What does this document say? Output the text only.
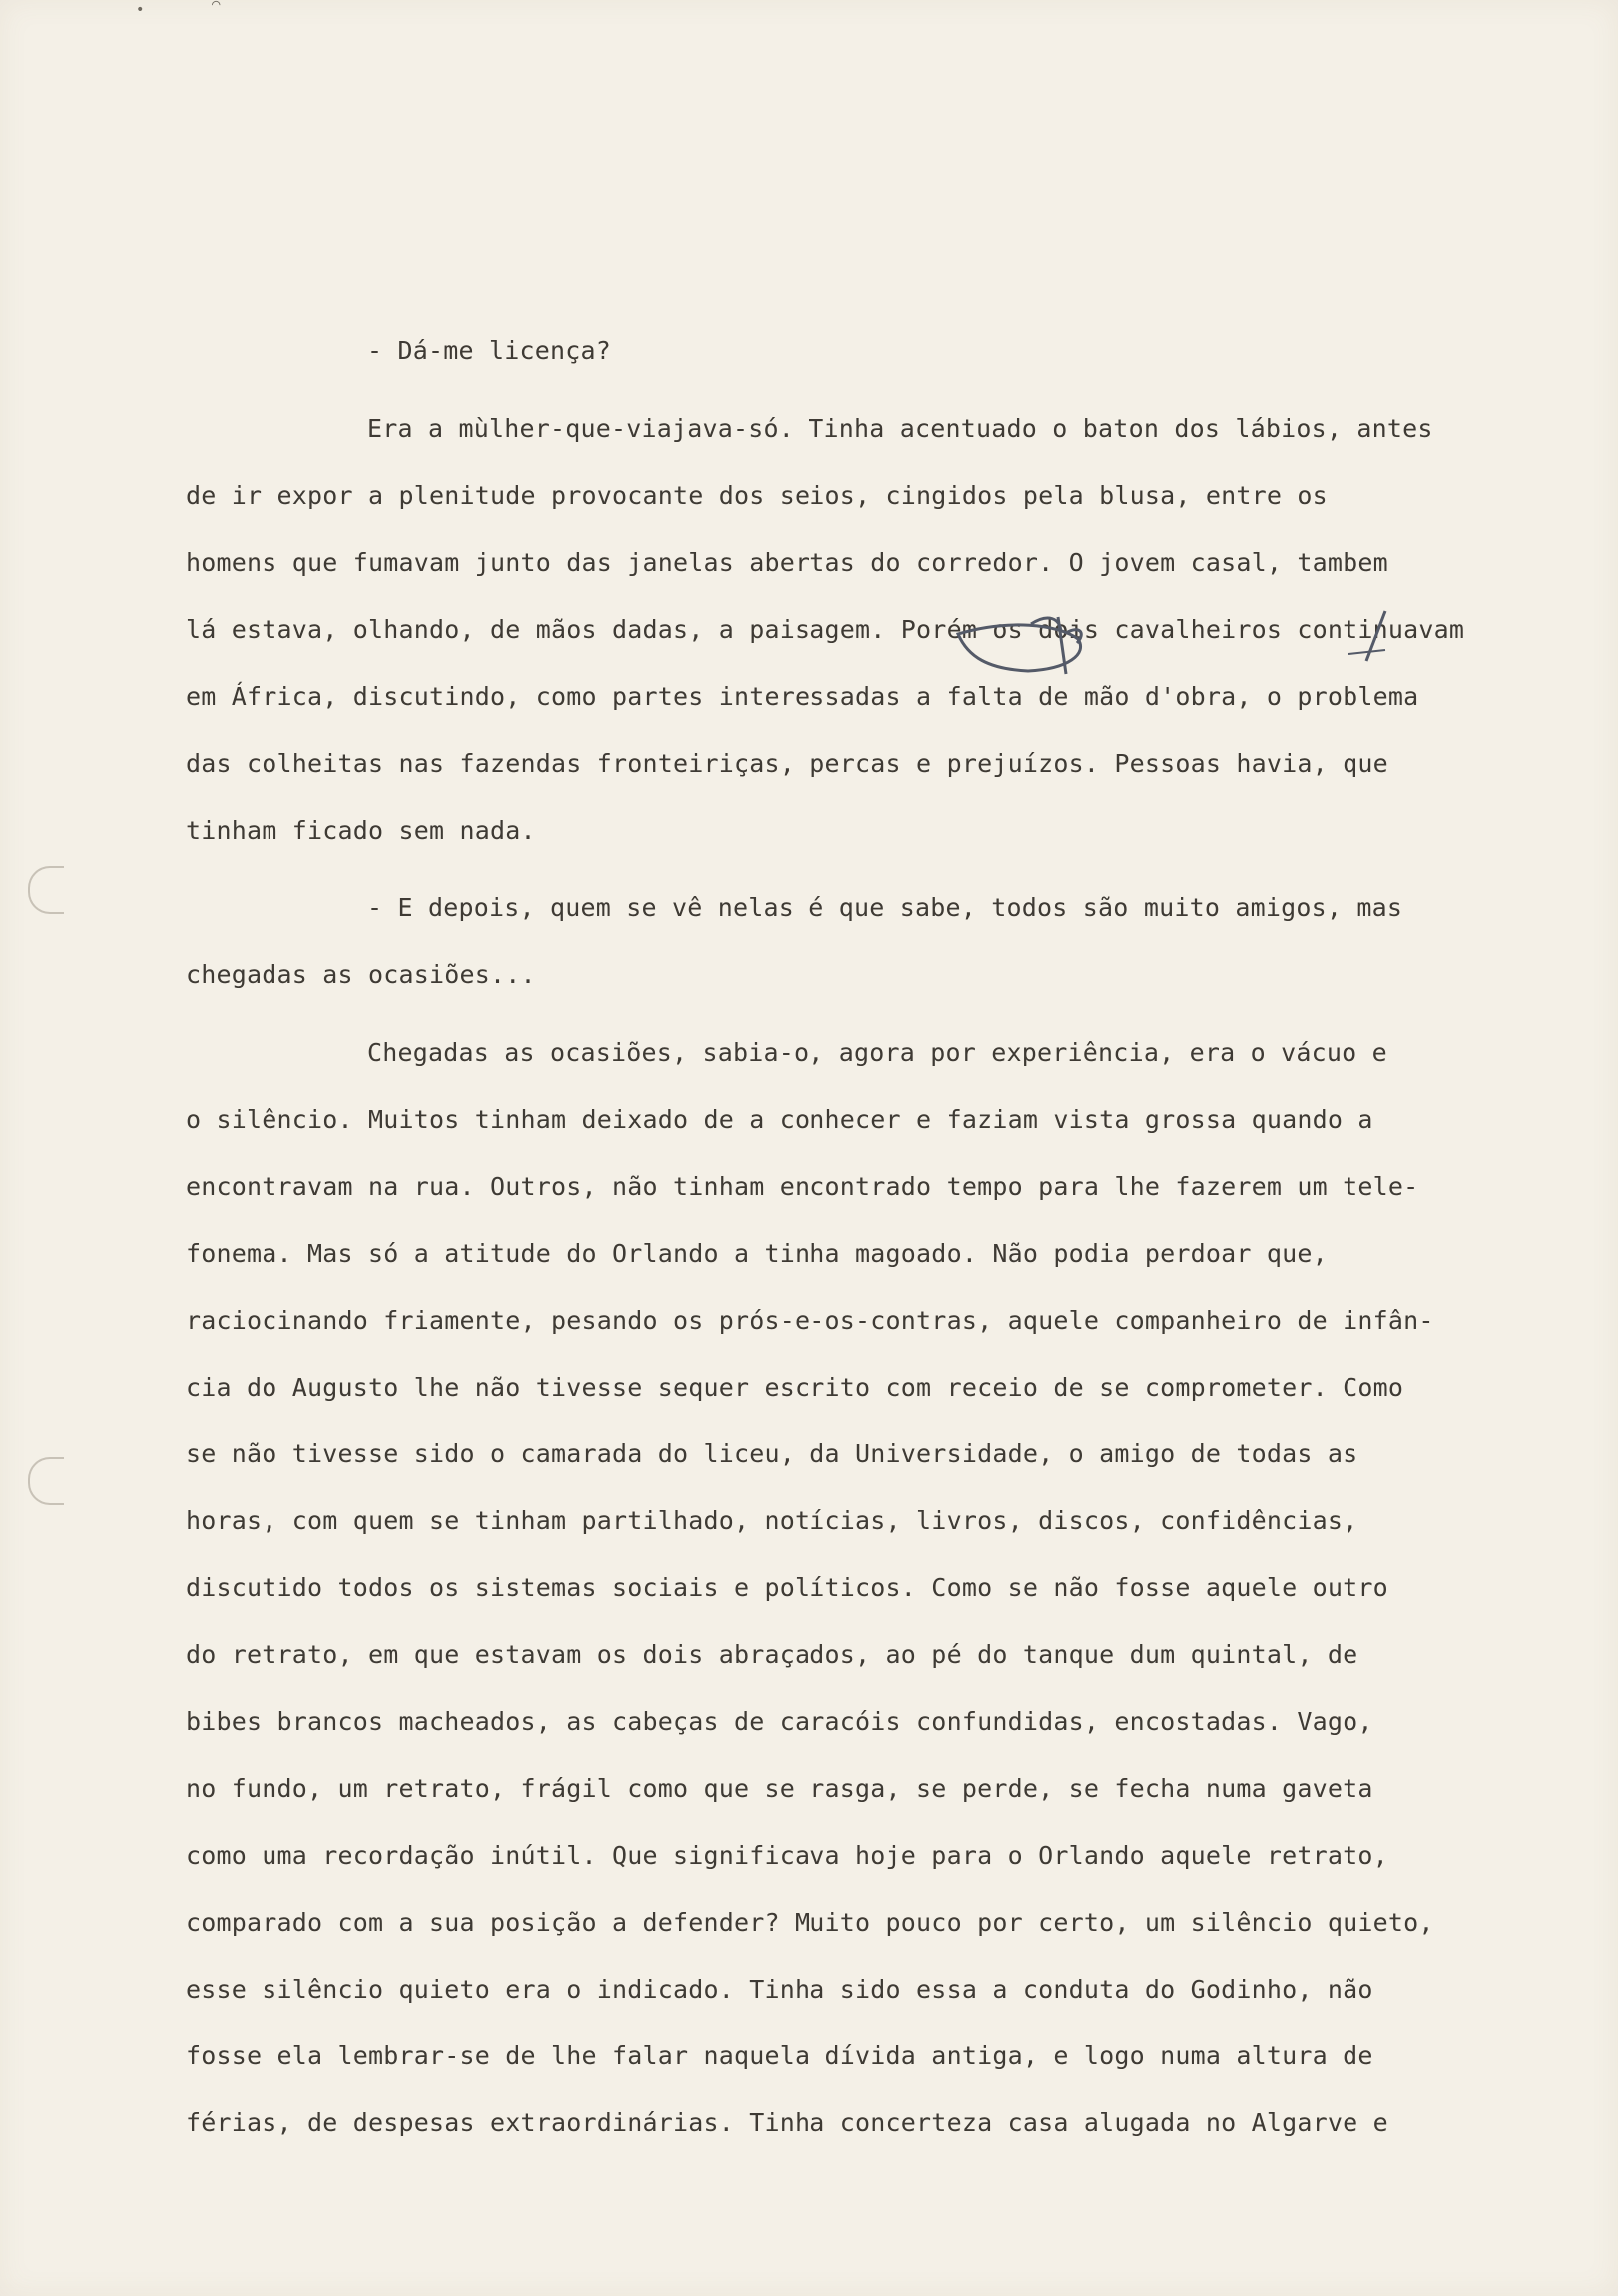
•	⌒
- Dá-me licença?
Era a mùlher-que-viajava-só. Tinha acentuado o baton dos lábios, antes
de ir expor a plenitude provocante dos seios, cingidos pela blusa, entre os
homens que fumavam junto das janelas abertas do corredor. O jovem casal, tambem
lá estava, olhando, de mãos dadas, a paisagem. Porém os dois cavalheiros continuavam
em África, discutindo, como partes interessadas a falta de mão d'obra, o problema
das colheitas nas fazendas fronteiriças, percas e prejuízos. Pessoas havia, que
tinham ficado sem nada.
- E depois, quem se vê nelas é que sabe, todos são muito amigos, mas
chegadas as ocasiões...
Chegadas as ocasiões, sabia-o, agora por experiência, era o vácuo e
o silêncio. Muitos tinham deixado de a conhecer e faziam vista grossa quando a
encontravam na rua. Outros, não tinham encontrado tempo para lhe fazerem um tele-
fonema. Mas só a atitude do Orlando a tinha magoado. Não podia perdoar que,
raciocinando friamente, pesando os prós-e-os-contras, aquele companheiro de infân-
cia do Augusto lhe não tivesse sequer escrito com receio de se comprometer. Como
se não tivesse sido o camarada do liceu, da Universidade, o amigo de todas as
horas, com quem se tinham partilhado, notícias, livros, discos, confidências,
discutido todos os sistemas sociais e políticos. Como se não fosse aquele outro
do retrato, em que estavam os dois abraçados, ao pé do tanque dum quintal, de
bibes brancos macheados, as cabeças de caracóis confundidas, encostadas. Vago,
no fundo, um retrato, frágil como que se rasga, se perde, se fecha numa gaveta
como uma recordação inútil. Que significava hoje para o Orlando aquele retrato,
comparado com a sua posição a defender? Muito pouco por certo, um silêncio quieto,
esse silêncio quieto era o indicado. Tinha sido essa a conduta do Godinho, não
fosse ela lembrar-se de lhe falar naquela dívida antiga, e logo numa altura de
férias, de despesas extraordinárias. Tinha concerteza casa alugada no Algarve e
